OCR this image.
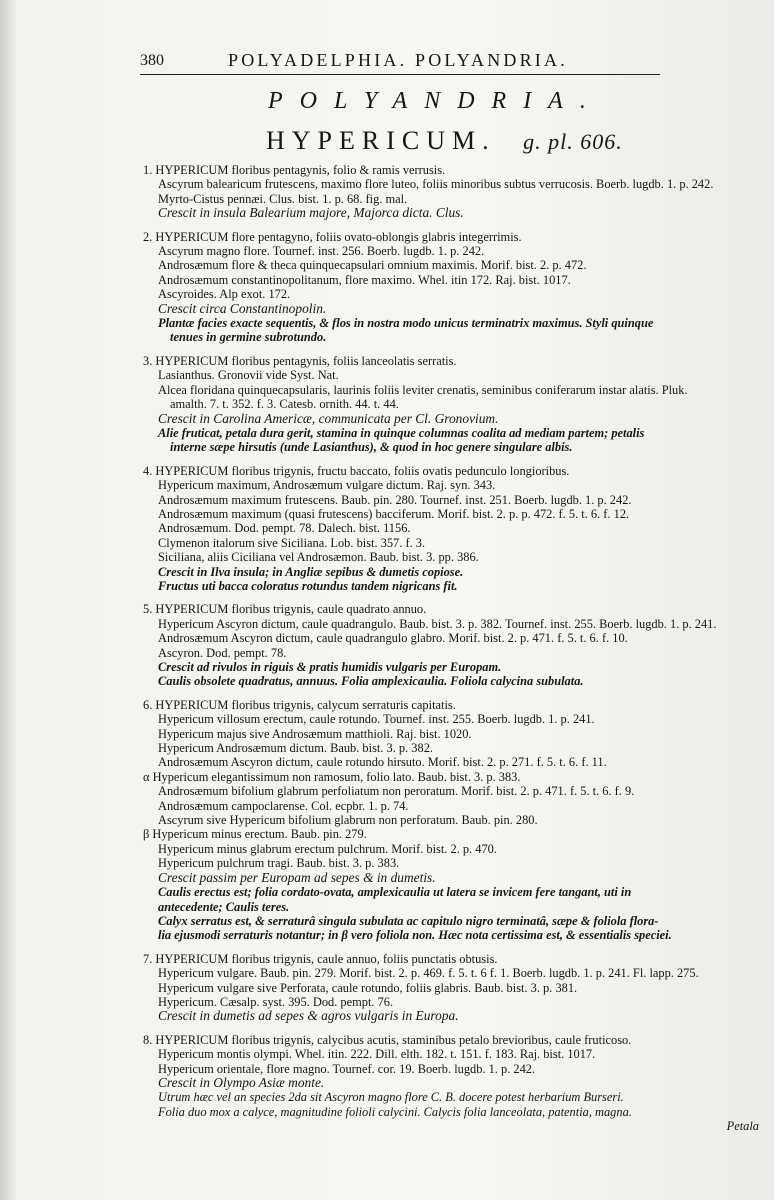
380	POLYADELPHIA. POLYANDRIA.
POLYANDRIA.
HYPERICUM. g. pl. 606.
1. HYPERICUM floribus pentagynis, folio & ramis verrusis.
Ascyrum balearicum frutescens, maximo flore luteo, foliis minoribus subtus verrucosis. Boerb. lugdb. 1. p. 242.
Myrto-Cistus pennæi. Clus. bist. 1. p. 68. fig. mal.
Crescit in insula Balearium majore, Majorca dicta. Clus.
2. HYPERICUM flore pentagyno, foliis ovato-oblongis glabris integerrimis.
Ascyrum magno flore. Tournef. inst. 256. Boerb. lugdb. 1. p. 242.
Androsæmum flore & theca quinquecapsulari omnium maximis. Morif. bist. 2. p. 472.
Androsæmum constantinopolitanum, flore maximo. Whel. itin 172. Raj. bist. 1017.
Ascyroides. Alp exot. 172.
Crescit circa Constantinopolin.
Plantæ facies exacte sequentis, & flos in nostra modo unicus terminatrix maximus. Styli quinque
tenues in germine subrotundo.
3. HYPERICUM floribus pentagynis, foliis lanceolatis serratis.
Lasianthus. Gronovii vide Syst. Nat.
Alcea floridana quinquecapsularis, laurinis foliis leviter crenatis, seminibus coniferarum instar alatis. Pluk.
amalth. 7. t. 352. f. 3. Catesb. ornith. 44. t. 44.
Crescit in Carolina Americæ, communicata per Cl. Gronovium.
Alie fruticat, petala dura gerit, stamina in quinque columnas coalita ad mediam partem; petalis
interne sæpe hirsutis (unde Lasianthus), & quod in hoc genere singulare albis.
4. HYPERICUM floribus trigynis, fructu baccato, foliis ovatis pedunculo longioribus.
Hypericum maximum, Androsæmum vulgare dictum. Raj. syn. 343.
Androsæmum maximum frutescens. Baub. pin. 280. Tournef. inst. 251. Boerb. lugdb. 1. p. 242.
Androsæmum maximum (quasi frutescens) bacciferum. Morif. bist. 2. p. p. 472. f. 5. t. 6. f. 12.
Androsæmum. Dod. pempt. 78. Dalech. bist. 1156.
Clymenon italorum sive Siciliana. Lob. bist. 357. f. 3.
Siciliana, aliis Ciciliana vel Androsæmon. Baub. bist. 3. pp. 386.
Crescit in Ilva insula; in Angliæ sepibus & dumetis copiose.
Fructus uti bacca coloratus rotundus tandem nigricans fit.
5. HYPERICUM floribus trigynis, caule quadrato annuo.
Hypericum Ascyron dictum, caule quadrangulo. Baub. bist. 3. p. 382. Tournef. inst. 255. Boerb. lugdb. 1. p. 241.
Androsæmum Ascyron dictum, caule quadrangulo glabro. Morif. bist. 2. p. 471. f. 5. t. 6. f. 10.
Ascyron. Dod. pempt. 78.
Crescit ad rivulos in riguis & pratis humidis vulgaris per Europam.
Caulis obsolete quadratus, annuus. Folia amplexicaulia. Foliola calycina subulata.
6. HYPERICUM floribus trigynis, calycum serraturis capitatis.
Hypericum villosum erectum, caule rotundo. Tournef. inst. 255. Boerb. lugdb. 1. p. 241.
Hypericum majus sive Androsæmum matthioli. Raj. bist. 1020.
Hypericum Androsæmum dictum. Baub. bist. 3. p. 382.
Androsæmum Ascyron dictum, caule rotundo hirsuto. Morif. bist. 2. p. 271. f. 5. t. 6. f. 11.
α Hypericum elegantissimum non ramosum, folio lato. Baub. bist. 3. p. 383.
Androsæmum bifolium glabrum perfoliatum non peroratum. Morif. bist. 2. p. 471. f. 5. t. 6. f. 9.
Androsæmum campoclarense. Col. ecpbr. 1. p. 74.
Ascyrum sive Hypericum bifolium glabrum non perforatum. Baub. pin. 280.
β Hypericum minus erectum. Baub. pin. 279.
Hypericum minus glabrum erectum pulchrum. Morif. bist. 2. p. 470.
Hypericum pulchrum tragi. Baub. bist. 3. p. 383.
Crescit passim per Europam ad sepes & in dumetis.
Caulis erectus est; folia cordato-ovata, amplexicaulia ut latera se invicem fere tangant, uti in
antecedente; Caulis teres.
Calyx serratus est, & serraturâ singula subulata ac capitulo nigro terminatâ, sæpe & foliola flora-
lia ejusmodi serraturis notantur; in β vero foliola non. Hæc nota certissima est, & essentialis speciei.
7. HYPERICUM floribus trigynis, caule annuo, foliis punctatis obtusis.
Hypericum vulgare. Baub. pin. 279. Morif. bist. 2. p. 469. f. 5. t. 6 f. 1. Boerb. lugdb. 1. p. 241. Fl. lapp. 275.
Hypericum vulgare sive Perforata, caule rotundo, foliis glabris. Baub. bist. 3. p. 381.
Hypericum. Cæsalp. syst. 395. Dod. pempt. 76.
Crescit in dumetis ad sepes & agros vulgaris in Europa.
8. HYPERICUM floribus trigynis, calycibus acutis, staminibus petalo brevioribus, caule fruticoso.
Hypericum montis olympi. Whel. itin. 222. Dill. elth. 182. t. 151. f. 183. Raj. bist. 1017.
Hypericum orientale, flore magno. Tournef. cor. 19. Boerb. lugdb. 1. p. 242.
Crescit in Olympo Asiæ monte.
Utrum hæc vel an species 2da sit Ascyron magno flore C. B. docere potest herbarium Burseri.
Folia duo mox a calyce, magnitudine folioli calycini. Calycis folia lanceolata, patentia, magna.
Petala
